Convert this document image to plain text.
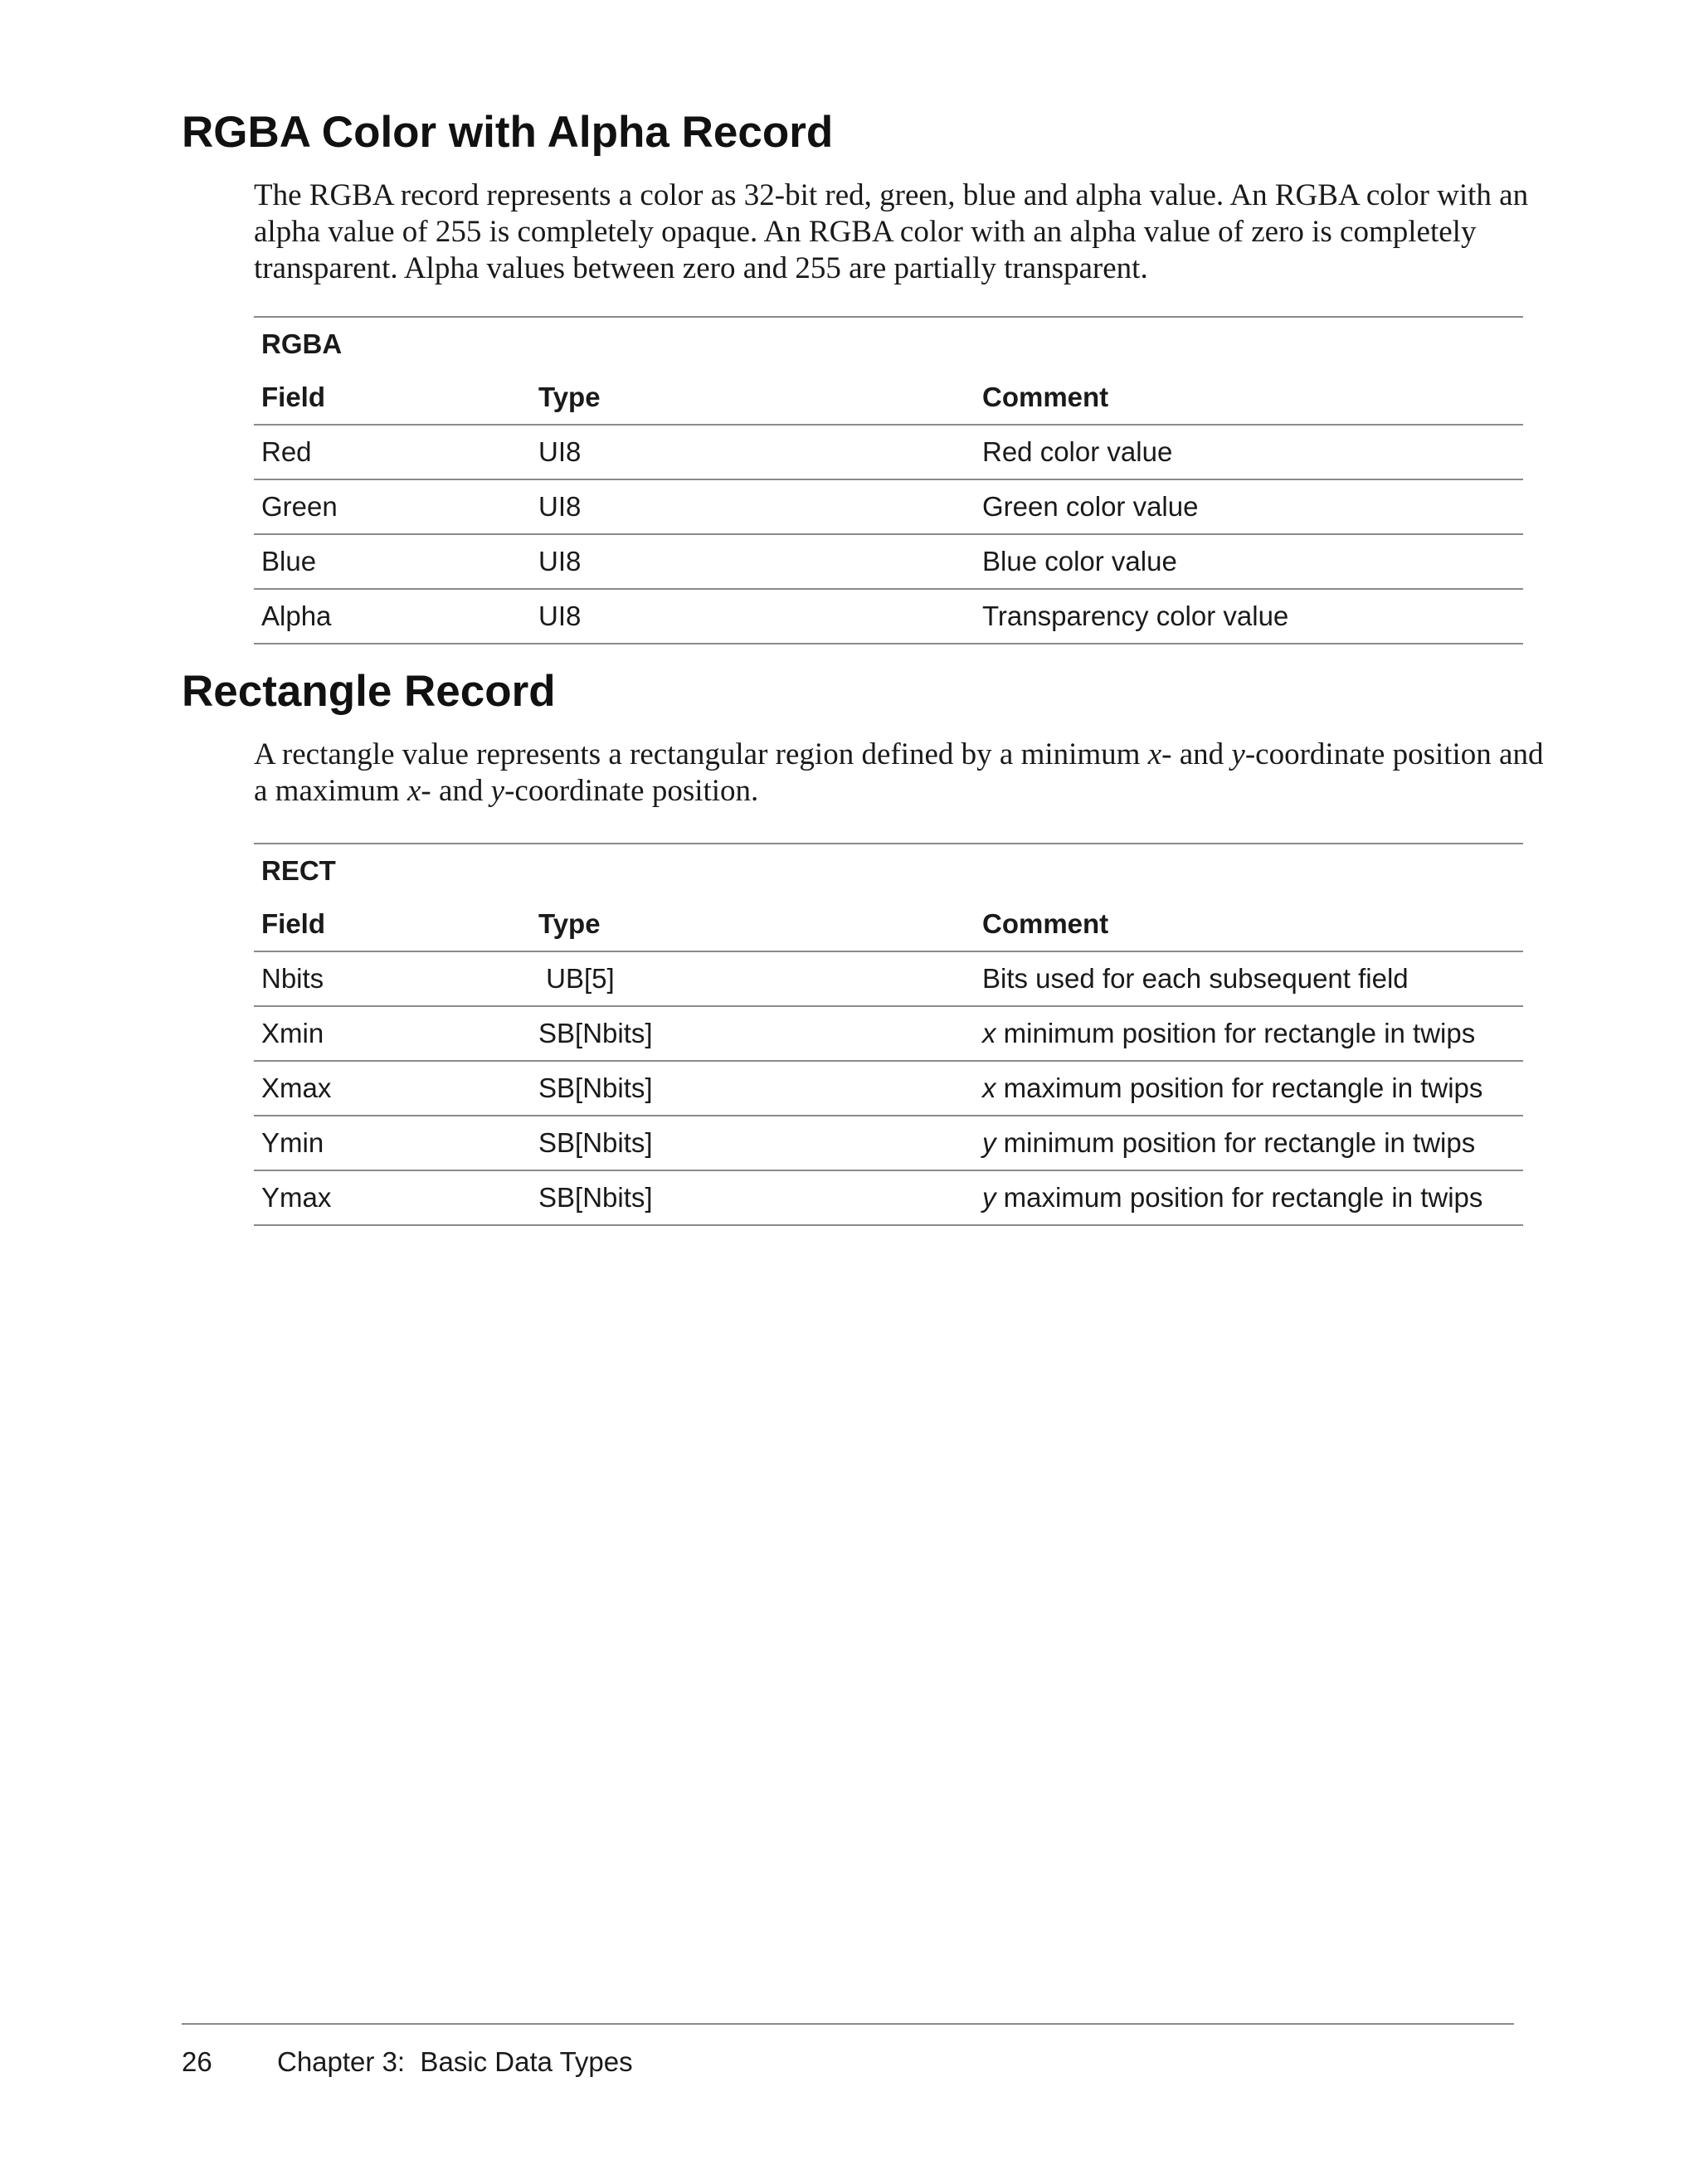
RGBA Color with Alpha Record

The RGBA record represents a color as 32-bit red, green, blue and alpha value. An RGBA color with an alpha value of 255 is completely opaque. An RGBA color with an alpha value of zero is completely transparent. Alpha values between zero and 255 are partially transparent.

RGBA		
Field	Type	Comment
Red	UI8	Red color value
Green	UI8	Green color value
Blue	UI8	Blue color value
Alpha	UI8	Transparency color value
Rectangle Record

A rectangle value represents a rectangular region defined by a minimum x- and y-coordinate position and a maximum x- and y-coordinate position.

RECT		
Field	Type	Comment
Nbits	UB[5]	Bits used for each subsequent field
Xmin	SB[Nbits]	x minimum position for rectangle in twips
Xmax	SB[Nbits]	x maximum position for rectangle in twips
Ymin	SB[Nbits]	y minimum position for rectangle in twips
Ymax	SB[Nbits]	y maximum position for rectangle in twips
26 Chapter 3:  Basic Data Types
